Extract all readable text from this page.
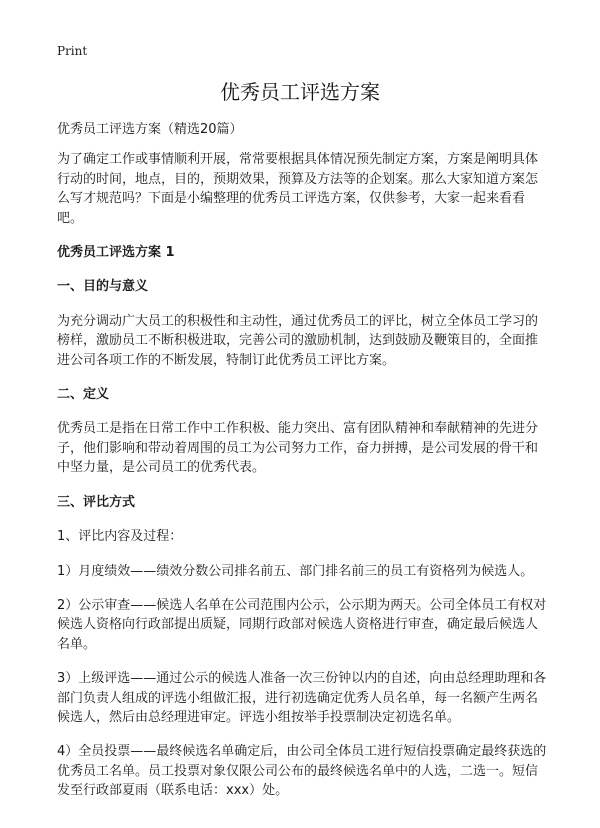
Print
优秀员工评选方案

优秀员工评选方案（精选20篇）

为了确定工作或事情顺利开展，常常要根据具体情况预先制定方案，方案是阐明具体行动的时间，地点，目的，预期效果，预算及方法等的企划案。那么大家知道方案怎么写才规范吗？下面是小编整理的优秀员工评选方案，仅供参考，大家一起来看看吧。

优秀员工评选方案 1

一、目的与意义

为充分调动广大员工的积极性和主动性，通过优秀员工的评比，树立全体员工学习的榜样，激励员工不断积极进取，完善公司的激励机制，达到鼓励及鞭策目的，全面推进公司各项工作的不断发展，特制订此优秀员工评比方案。

二、定义

优秀员工是指在日常工作中工作积极、能力突出、富有团队精神和奉献精神的先进分子，他们影响和带动着周围的员工为公司努力工作，奋力拼搏，是公司发展的骨干和中坚力量，是公司员工的优秀代表。

三、评比方式

1、评比内容及过程：

1）月度绩效——绩效分数公司排名前五、部门排名前三的员工有资格列为候选人。

2）公示审查——候选人名单在公司范围内公示，公示期为两天。公司全体员工有权对候选人资格向行政部提出质疑，同期行政部对候选人资格进行审查，确定最后候选人名单。

3）上级评选——通过公示的候选人准备一次三份钟以内的自述，向由总经理助理和各部门负责人组成的评选小组做汇报，进行初选确定优秀人员名单，每一名额产生两名候选人，然后由总经理进审定。评选小组按举手投票制决定初选名单。

4）全员投票——最终候选名单确定后，由公司全体员工进行短信投票确定最终获选的优秀员工名单。员工投票对象仅限公司公布的最终候选名单中的人选，二选一。短信发至行政部夏雨（联系电话：xxx）处。
